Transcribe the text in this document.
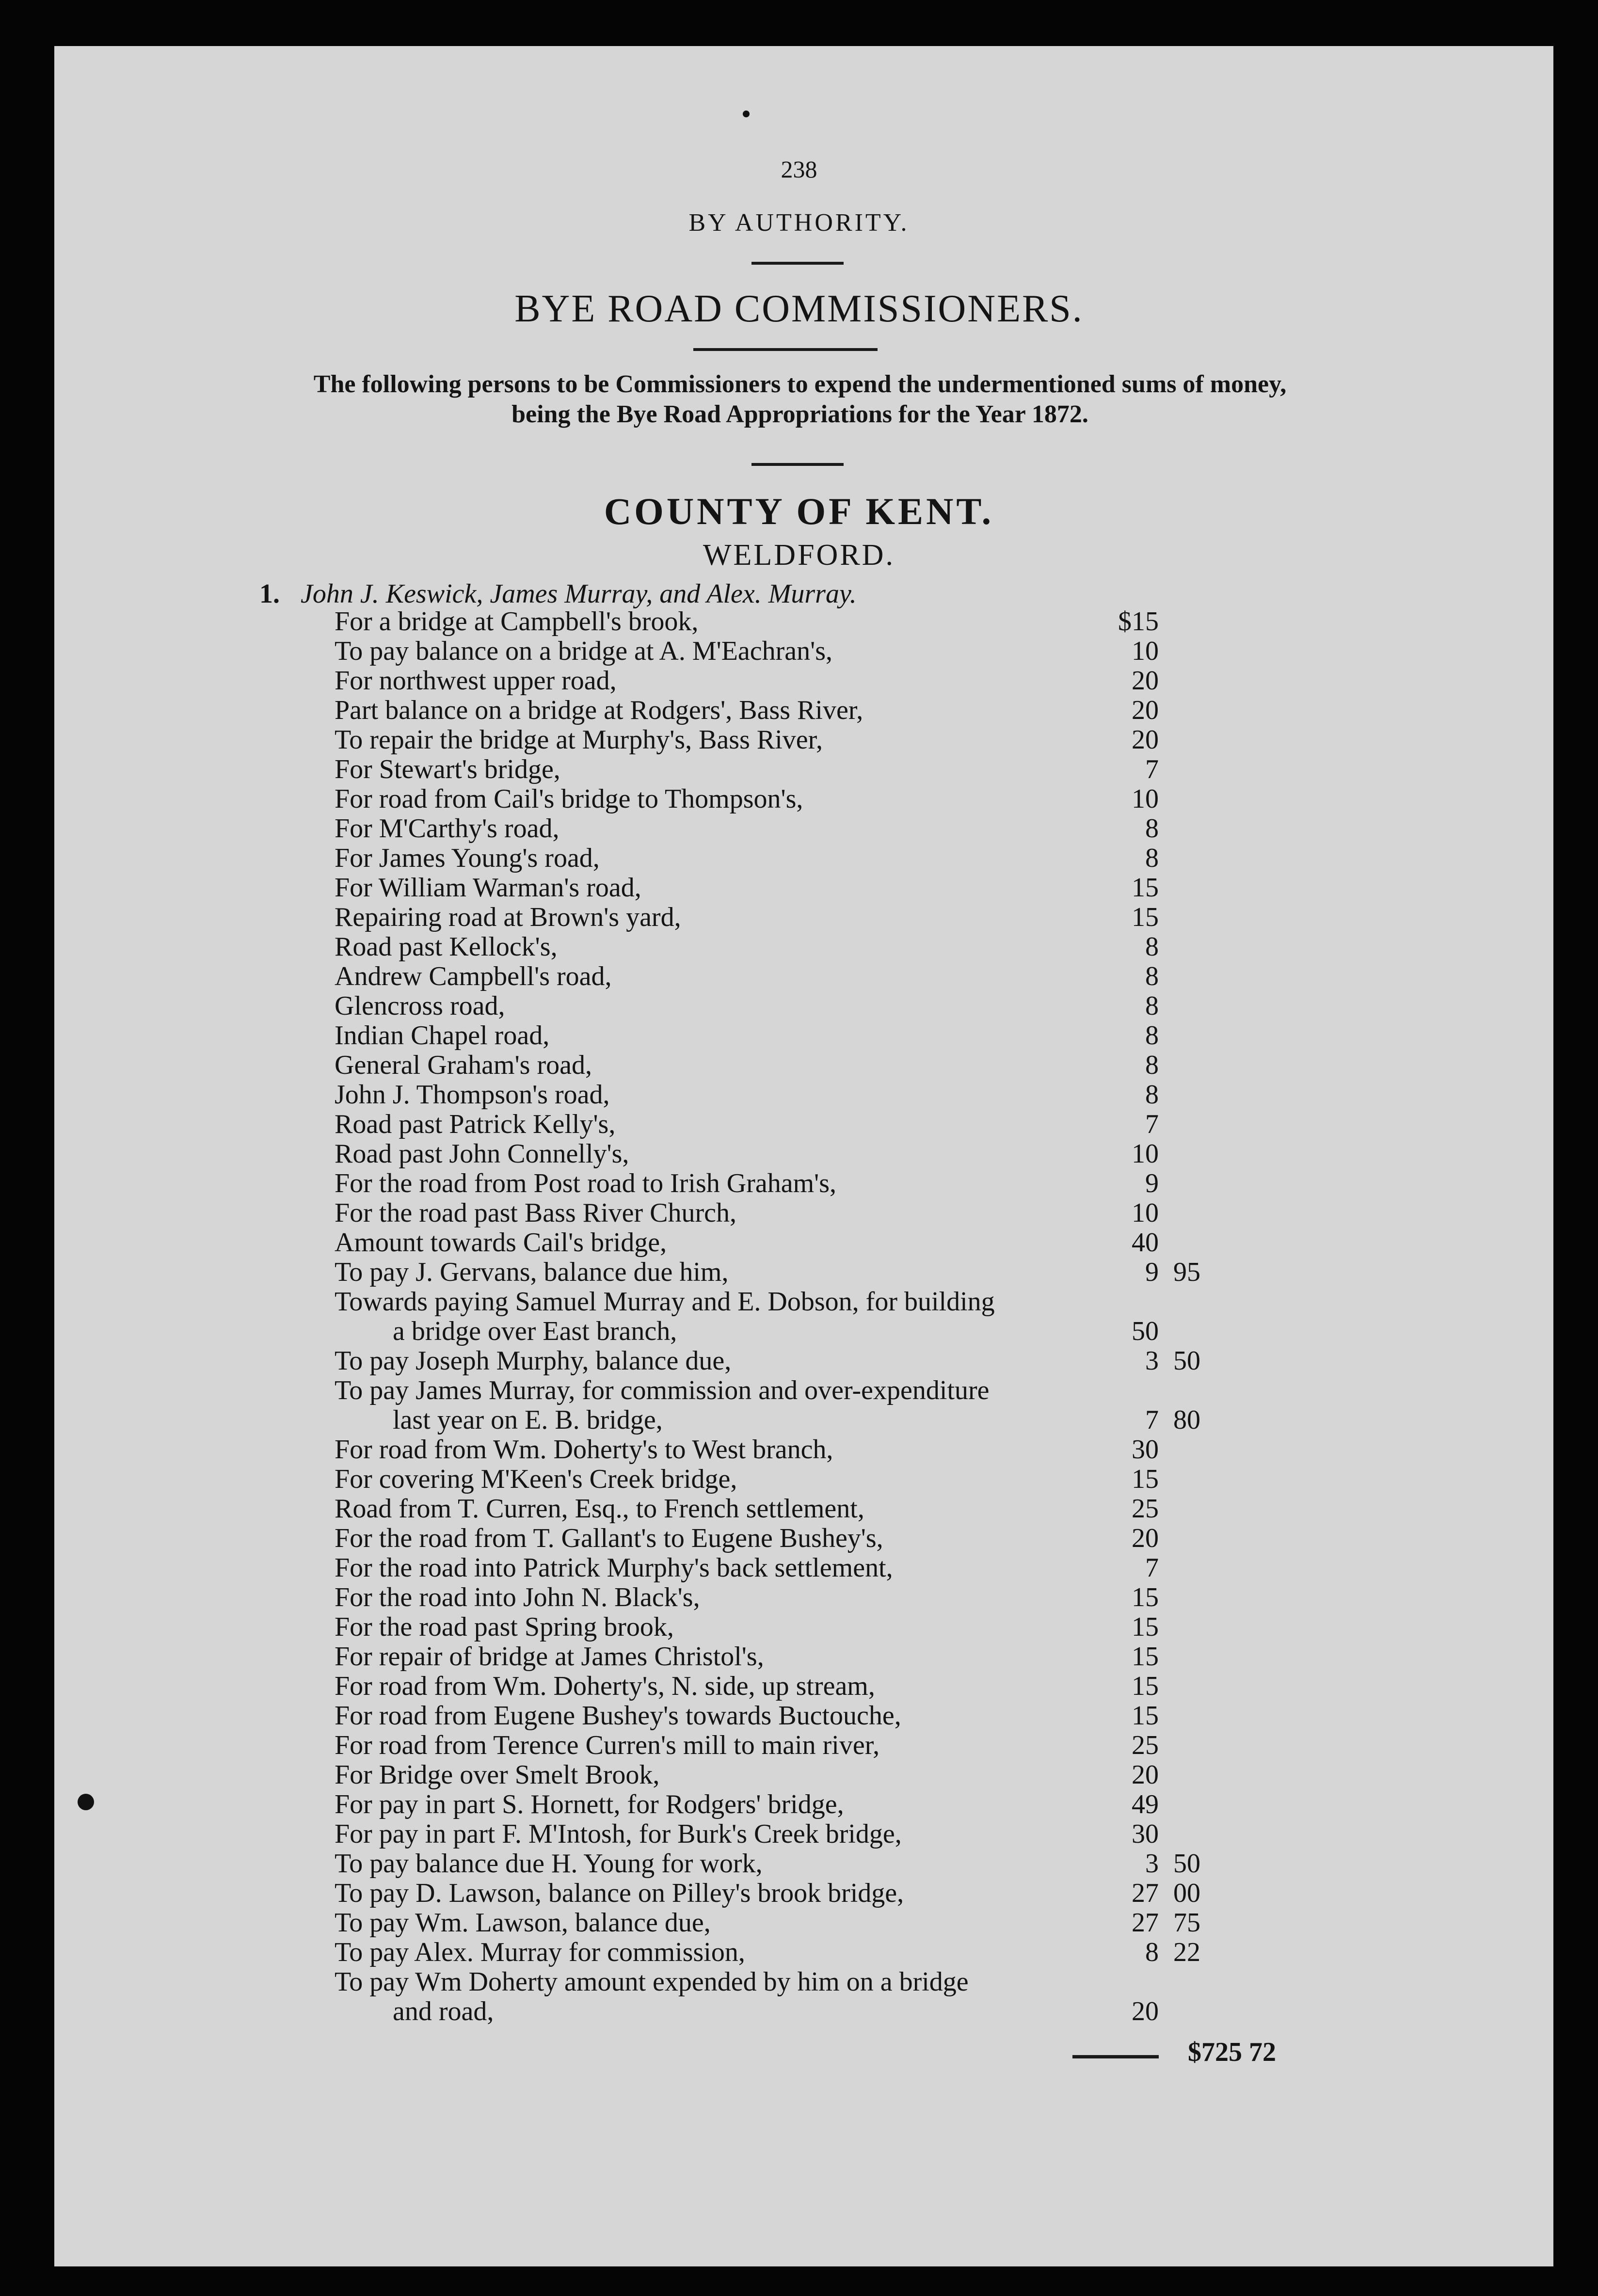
238
BY AUTHORITY.
BYE ROAD COMMISSIONERS.
The following persons to be Commissioners to expend the undermentioned sums of money,
being the Bye Road Appropriations for the Year 1872.
COUNTY OF KENT.
WELDFORD.
1. John J. Keswick, James Murray, and Alex. Murray.
For a bridge at Campbell's brook,	$15
To pay balance on a bridge at A. M'Eachran's,	10
For northwest upper road,	20
Part balance on a bridge at Rodgers', Bass River,	20
To repair the bridge at Murphy's, Bass River,	20
For Stewart's bridge,	7
For road from Cail's bridge to Thompson's,	10
For M'Carthy's road,	8
For James Young's road,	8
For William Warman's road,	15
Repairing road at Brown's yard,	15
Road past Kellock's,	8
Andrew Campbell's road,	8
Glencross road,	8
Indian Chapel road,	8
General Graham's road,	8
John J. Thompson's road,	8
Road past Patrick Kelly's,	7
Road past John Connelly's,	10
For the road from Post road to Irish Graham's,	9
For the road past Bass River Church,	10
Amount towards Cail's bridge,	40
To pay J. Gervans, balance due him,	9 95
Towards paying Samuel Murray and E. Dobson, for building
a bridge over East branch,	50
To pay Joseph Murphy, balance due,	3 50
To pay James Murray, for commission and over-expenditure
last year on E. B. bridge,	7 80
For road from Wm. Doherty's to West branch,	30
For covering M'Keen's Creek bridge,	15
Road from T. Curren, Esq., to French settlement,	25
For the road from T. Gallant's to Eugene Bushey's,	20
For the road into Patrick Murphy's back settlement,	7
For the road into John N. Black's,	15
For the road past Spring brook,	15
For repair of bridge at James Christol's,	15
For road from Wm. Doherty's, N. side, up stream,	15
For road from Eugene Bushey's towards Buctouche,	15
For road from Terence Curren's mill to main river,	25
For Bridge over Smelt Brook,	20
For pay in part S. Hornett, for Rodgers' bridge,	49
For pay in part F. M'Intosh, for Burk's Creek bridge,	30
To pay balance due H. Young for work,	3 50
To pay D. Lawson, balance on Pilley's brook bridge,	27 00
To pay Wm. Lawson, balance due,	27 75
To pay Alex. Murray for commission,	8 22
To pay Wm Doherty amount expended by him on a bridge
and road,	20
$725 72
